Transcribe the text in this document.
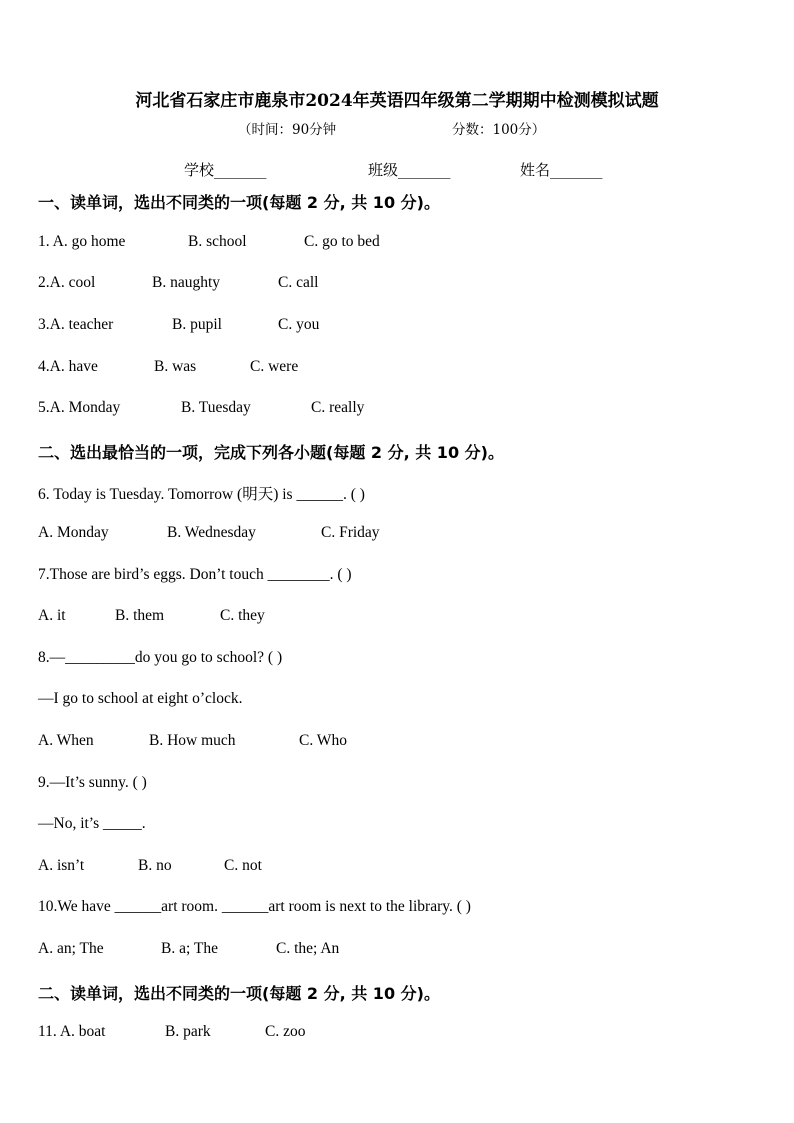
河北省石家庄市鹿泉市2024年英语四年级第二学期期中检测模拟试题
（时间：90分钟	分数：100分）
学校_______	班级_______	姓名_______
一、读单词，选出不同类的一项(每题 2 分, 共 10 分)。
1. A. go home	B. school	C. go to bed
2.A. cool	B. naughty	C. call
3.A. teacher	B. pupil	C. you
4.A. have	B. was	C. were
5.A. Monday	B. Tuesday	C. really
二、选出最恰当的一项，完成下列各小题(每题 2 分, 共 10 分)。
6. Today is Tuesday. Tomorrow (明天) is ______. ( )
A. Monday	B. Wednesday	C. Friday
7.Those are bird’s eggs. Don’t touch ________. ( )
A. it	B. them	C. they
8.—_________do you go to school? ( )
—I go to school at eight o’clock.
A. When	B. How much	C. Who
9.—It’s sunny. ( )
—No, it’s _____.
A. isn’t	B. no	C. not
10.We have ______art room. ______art room is next to the library. ( )
A. an; The	B. a; The	C. the; An
二、读单词，选出不同类的一项(每题 2 分, 共 10 分)。
11. A. boat	B. park	C. zoo
